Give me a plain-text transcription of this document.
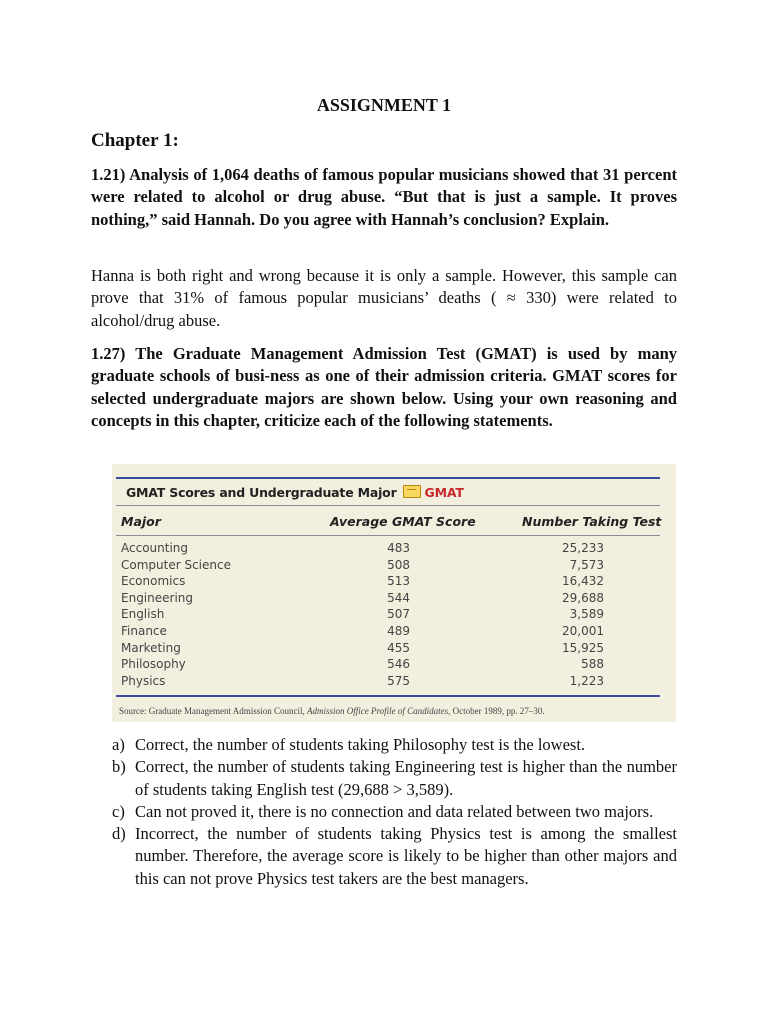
ASSIGNMENT 1
Chapter 1:

1.21) Analysis of 1,064 deaths of famous popular musicians showed that 31 percent were related to alcohol or drug abuse. “But that is just a sample. It proves nothing,” said Hannah. Do you agree with Hannah’s conclusion? Explain.

Hanna is both right and wrong because it is only a sample. However, this sample can prove that 31% of famous popular musicians’ deaths ( ≈ 330) were related to alcohol/drug abuse.

1.27) The Graduate Management Admission Test (GMAT) is used by many graduate schools of busi-ness as one of their admission criteria. GMAT scores for selected undergraduate majors are shown below. Using your own reasoning and concepts in this chapter, criticize each of the following statements.

GMAT Scores and Undergraduate Major GMAT
Major	Average GMAT Score	Number Taking Test
Accounting	483	25,233
Computer Science	508	7,573
Economics	513	16,432
Engineering	544	29,688
English	507	3,589
Finance	489	20,001
Marketing	455	15,925
Philosophy	546	588
Physics	575	1,223
Source: Graduate Management Admission Council, Admission Office Profile of Candidates, October 1989, pp. 27–30.
a) Correct, the number of students taking Philosophy test is the lowest.
b) Correct, the number of students taking Engineering test is higher than the number of students taking English test (29,688 > 3,589).
c) Can not proved it, there is no connection and data related between two majors.
d) Incorrect, the number of students taking Physics test is among the smallest number. Therefore, the average score is likely to be higher than other majors and this can not prove Physics test takers are the best managers.
